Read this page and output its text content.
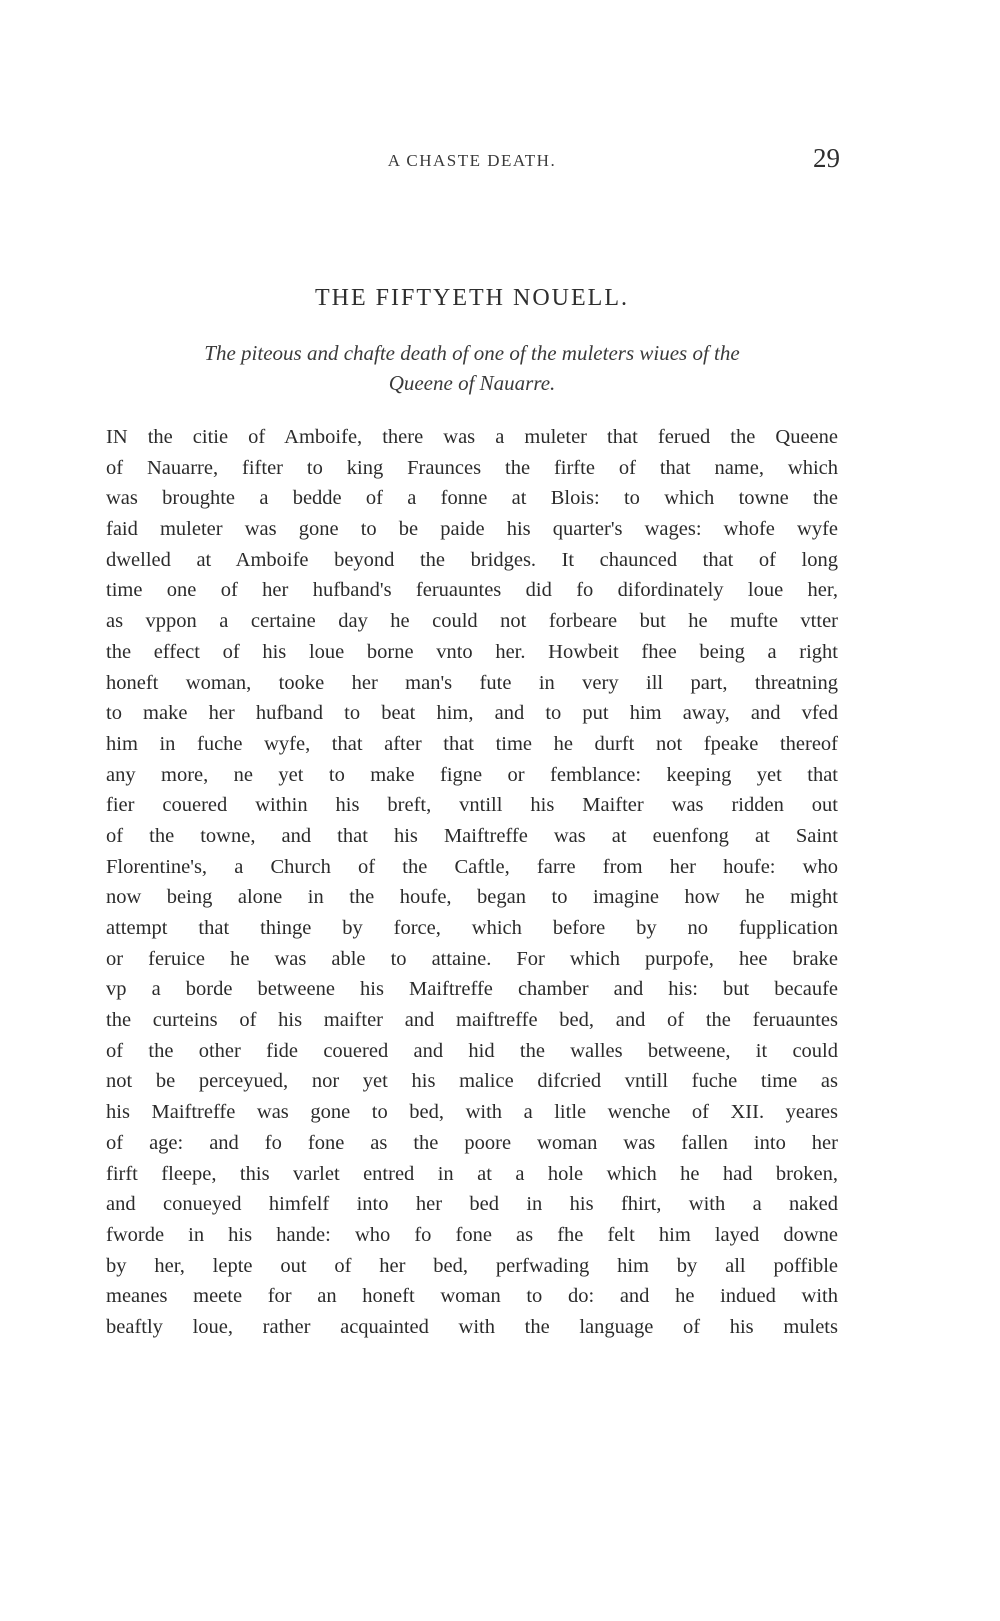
A CHASTE DEATH.	29
THE FIFTYETH NOUELL.
The piteous and chafte death of one of the muleters wiues of the
Queene of Nauarre.
IN the citie of Amboife, there was a muleter that ferued the Queene
of Nauarre, fifter to king Fraunces the firfte of that name, which
was broughte a bedde of a fonne at Blois: to which towne the
faid muleter was gone to be paide his quarter's wages: whofe wyfe
dwelled at Amboife beyond the bridges. It chaunced that of long
time one of her hufband's feruauntes did fo difordinately loue her,
as vppon a certaine day he could not forbeare but he mufte vtter
the effect of his loue borne vnto her. Howbeit fhee being a right
honeft woman, tooke her man's fute in very ill part, threatning
to make her hufband to beat him, and to put him away, and vfed
him in fuche wyfe, that after that time he durft not fpeake thereof
any more, ne yet to make figne or femblance: keeping yet that
fier couered within his breft, vntill his Maifter was ridden out
of the towne, and that his Maiftreffe was at euenfong at Saint
Florentine's, a Church of the Caftle, farre from her houfe: who
now being alone in the houfe, began to imagine how he might
attempt that thinge by force, which before by no fupplication
or feruice he was able to attaine. For which purpofe, hee brake
vp a borde betweene his Maiftreffe chamber and his: but becaufe
the curteins of his maifter and maiftreffe bed, and of the feruauntes
of the other fide couered and hid the walles betweene, it could
not be perceyued, nor yet his malice difcried vntill fuche time as
his Maiftreffe was gone to bed, with a litle wenche of XII. yeares
of age: and fo fone as the poore woman was fallen into her
firft fleepe, this varlet entred in at a hole which he had broken,
and conueyed himfelf into her bed in his fhirt, with a naked
fworde in his hande: who fo fone as fhe felt him layed downe
by her, lepte out of her bed, perfwading him by all poffible
meanes meete for an honeft woman to do: and he indued with
beaftly loue, rather acquainted with the language of his mulets
